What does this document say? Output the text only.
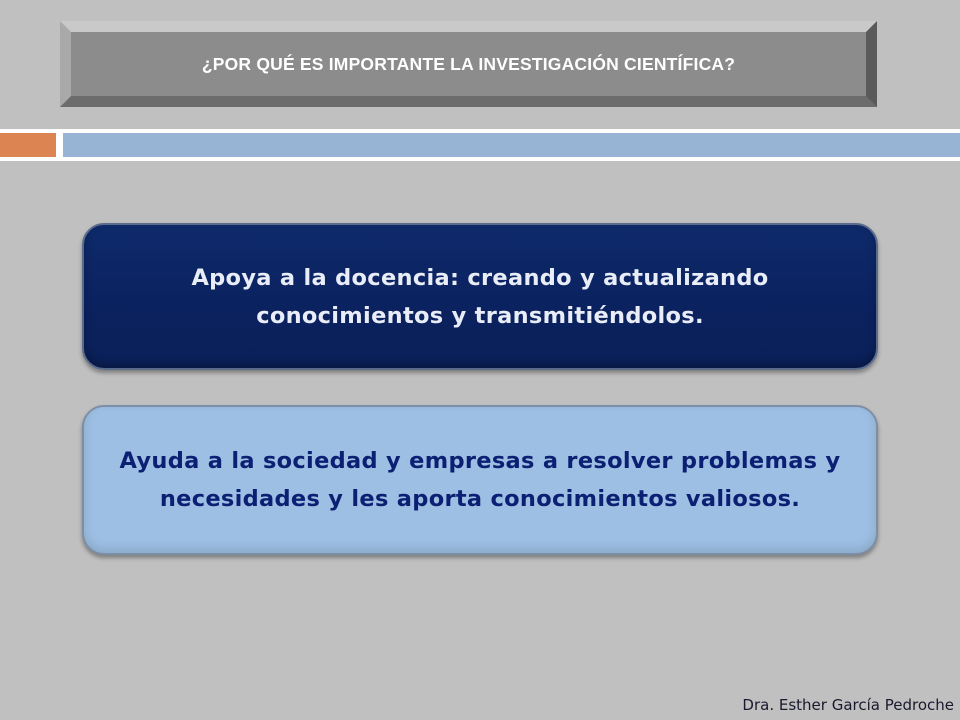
¿POR QUÉ ES IMPORTANTE LA INVESTIGACIÓN CIENTÍFICA?
Apoya a la docencia: creando y actualizando conocimientos y transmitiéndolos.
Ayuda a la sociedad y empresas a resolver problemas y necesidades y les aporta conocimientos valiosos.
Dra. Esther García Pedroche
